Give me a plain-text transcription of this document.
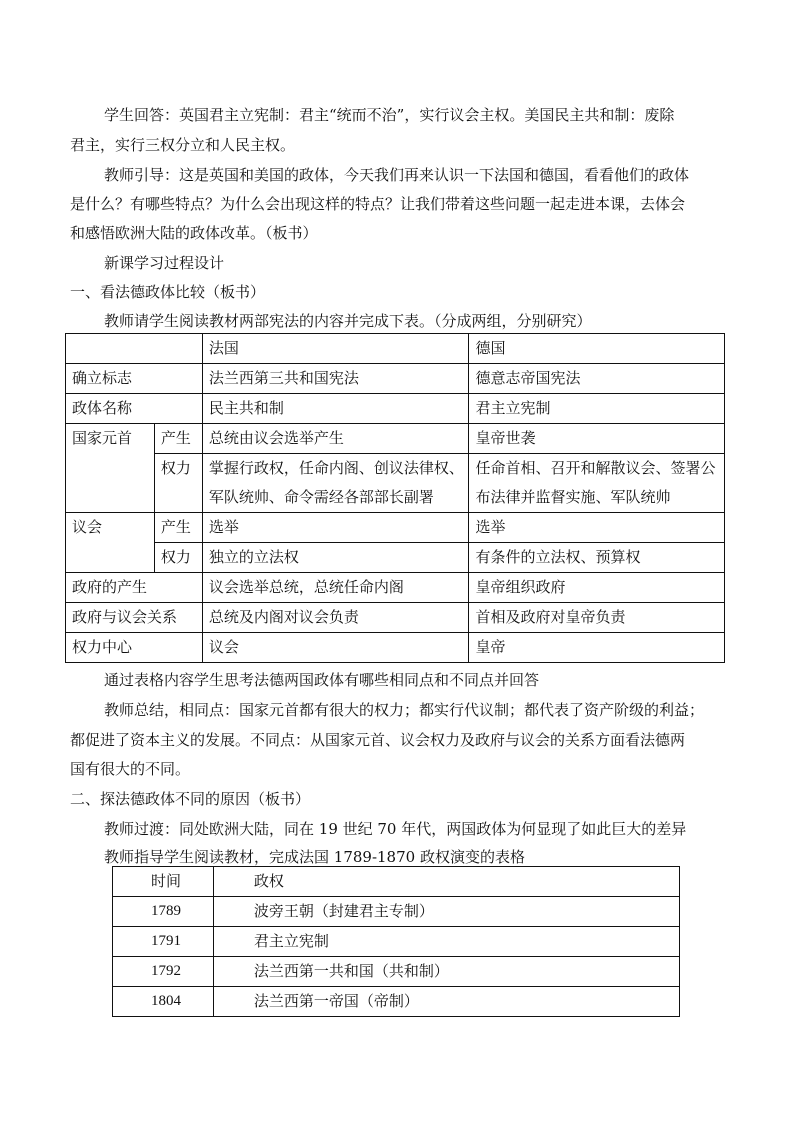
学生回答：英国君主立宪制：君主“统而不治”，实行议会主权。美国民主共和制：废除
君主，实行三权分立和人民主权。
教师引导：这是英国和美国的政体，今天我们再来认识一下法国和德国，看看他们的政体
是什么？有哪些特点？为什么会出现这样的特点？让我们带着这些问题一起走进本课，去体会
和感悟欧洲大陆的政体改革。（板书）
新课学习过程设计
一、看法德政体比较（板书）
教师请学生阅读教材两部宪法的内容并完成下表。（分成两组，分别研究）
		法国	德国
确立标志		法兰西第三共和国宪法	德意志帝国宪法
政体名称		民主共和制	君主立宪制
国家元首	产生	总统由议会选举产生	皇帝世袭
	权力	掌握行政权，任命内阁、创议法律权、军队统帅、命令需经各部部长副署	任命首相、召开和解散议会、签署公布法律并监督实施、军队统帅
议会	产生	选举	选举
	权力	独立的立法权	有条件的立法权、预算权
政府的产生		议会选举总统，总统任命内阁	皇帝组织政府
政府与议会关系		总统及内阁对议会负责	首相及政府对皇帝负责
权力中心		议会	皇帝
通过表格内容学生思考法德两国政体有哪些相同点和不同点并回答
教师总结，相同点：国家元首都有很大的权力；都实行代议制；都代表了资产阶级的利益；
都促进了资本主义的发展。不同点：从国家元首、议会权力及政府与议会的关系方面看法德两
国有很大的不同。
二、探法德政体不同的原因（板书）
教师过渡：同处欧洲大陆，同在 19 世纪 70 年代，两国政体为何显现了如此巨大的差异
教师指导学生阅读教材，完成法国 1789-1870 政权演变的表格
时间	政权
1789	波旁王朝（封建君主专制）
1791	君主立宪制
1792	法兰西第一共和国（共和制）
1804	法兰西第一帝国（帝制）
